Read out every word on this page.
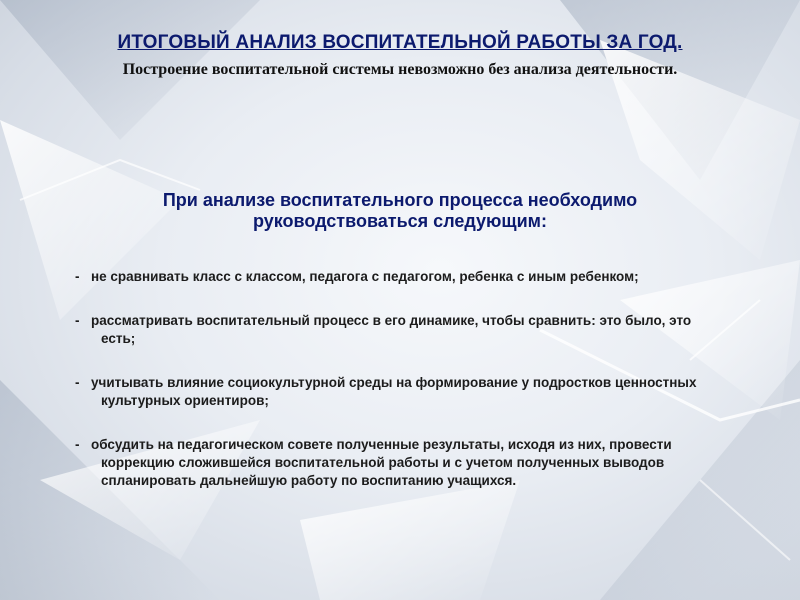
ИТОГОВЫЙ АНАЛИЗ ВОСПИТАТЕЛЬНОЙ РАБОТЫ ЗА ГОД.
Построение воспитательной системы невозможно без анализа деятельности.
При анализе воспитательного процесса необходимо руководствоваться следующим:
- не сравнивать класс с классом, педагога с педагогом, ребенка с иным ребенком;
- рассматривать воспитательный процесс в его динамике, чтобы сравнить: это было, это есть;
- учитывать влияние социокультурной среды на формирование у подростков ценностных культурных ориентиров;
- обсудить на педагогическом совете полученные результаты, исходя из них, провести коррекцию сложившейся воспитательной работы и с учетом полученных выводов спланировать дальнейшую работу по воспитанию учащихся.
